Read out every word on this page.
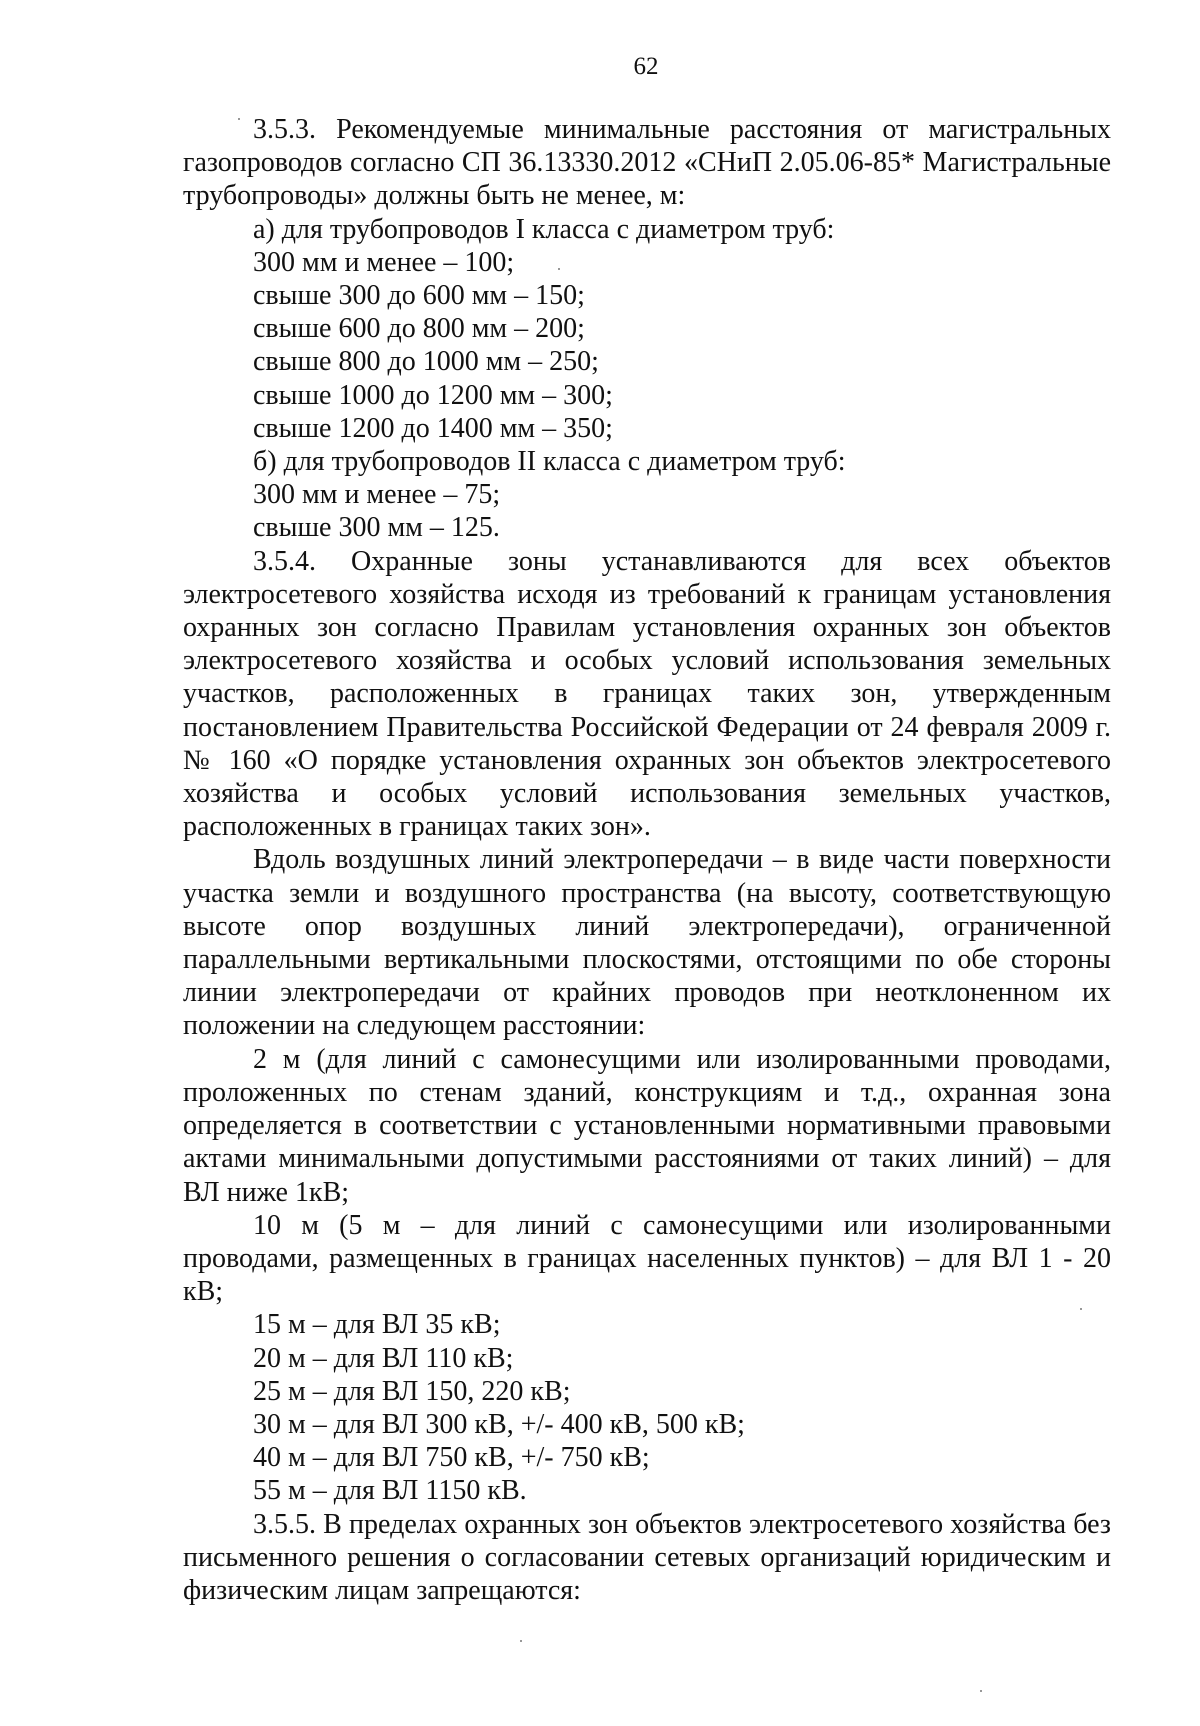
62

3.5.3. Рекомендуемые минимальные расстояния от магистральных газопроводов согласно СП 36.13330.2012 «СНиП 2.05.06-85* Магистральные трубопроводы» должны быть не менее, м:

а) для трубопроводов I класса с диаметром труб:

300 мм и менее – 100;

свыше 300 до 600 мм – 150;

свыше 600 до 800 мм – 200;

свыше 800 до 1000 мм – 250;

свыше 1000 до 1200 мм – 300;

свыше 1200 до 1400 мм – 350;

б) для трубопроводов II класса с диаметром труб:

300 мм и менее – 75;

свыше 300 мм – 125.

3.5.4. Охранные зоны устанавливаются для всех объектов электросетевого хозяйства исходя из требований к границам установления охранных зон согласно Правилам установления охранных зон объектов электросетевого хозяйства и особых условий использования земельных участков, расположенных в границах таких зон, утвержденным постановлением Правительства Российской Федерации от 24 февраля 2009 г. № 160 «О порядке установления охранных зон объектов электросетевого хозяйства и особых условий использования земельных участков, расположенных в границах таких зон».

Вдоль воздушных линий электропередачи – в виде части поверхности участка земли и воздушного пространства (на высоту, соответствующую высоте опор воздушных линий электропередачи), ограниченной параллельными вертикальными плоскостями, отстоящими по обе стороны линии электропередачи от крайних проводов при неотклоненном их положении на следующем расстоянии:

2 м (для линий с самонесущими или изолированными проводами, проложенных по стенам зданий, конструкциям и т.д., охранная зона определяется в соответствии с установленными нормативными правовыми актами минимальными допустимыми расстояниями от таких линий) – для ВЛ ниже 1кВ;

10 м (5 м – для линий с самонесущими или изолированными проводами, размещенных в границах населенных пунктов) – для ВЛ 1 - 20 кВ;

15 м – для ВЛ 35 кВ;

20 м – для ВЛ 110 кВ;

25 м – для ВЛ 150, 220 кВ;

30 м – для ВЛ 300 кВ, +/- 400 кВ, 500 кВ;

40 м – для ВЛ 750 кВ, +/- 750 кВ;

55 м – для ВЛ 1150 кВ.

3.5.5. В пределах охранных зон объектов электросетевого хозяйства без письменного решения о согласовании сетевых организаций юридическим и физическим лицам запрещаются:
